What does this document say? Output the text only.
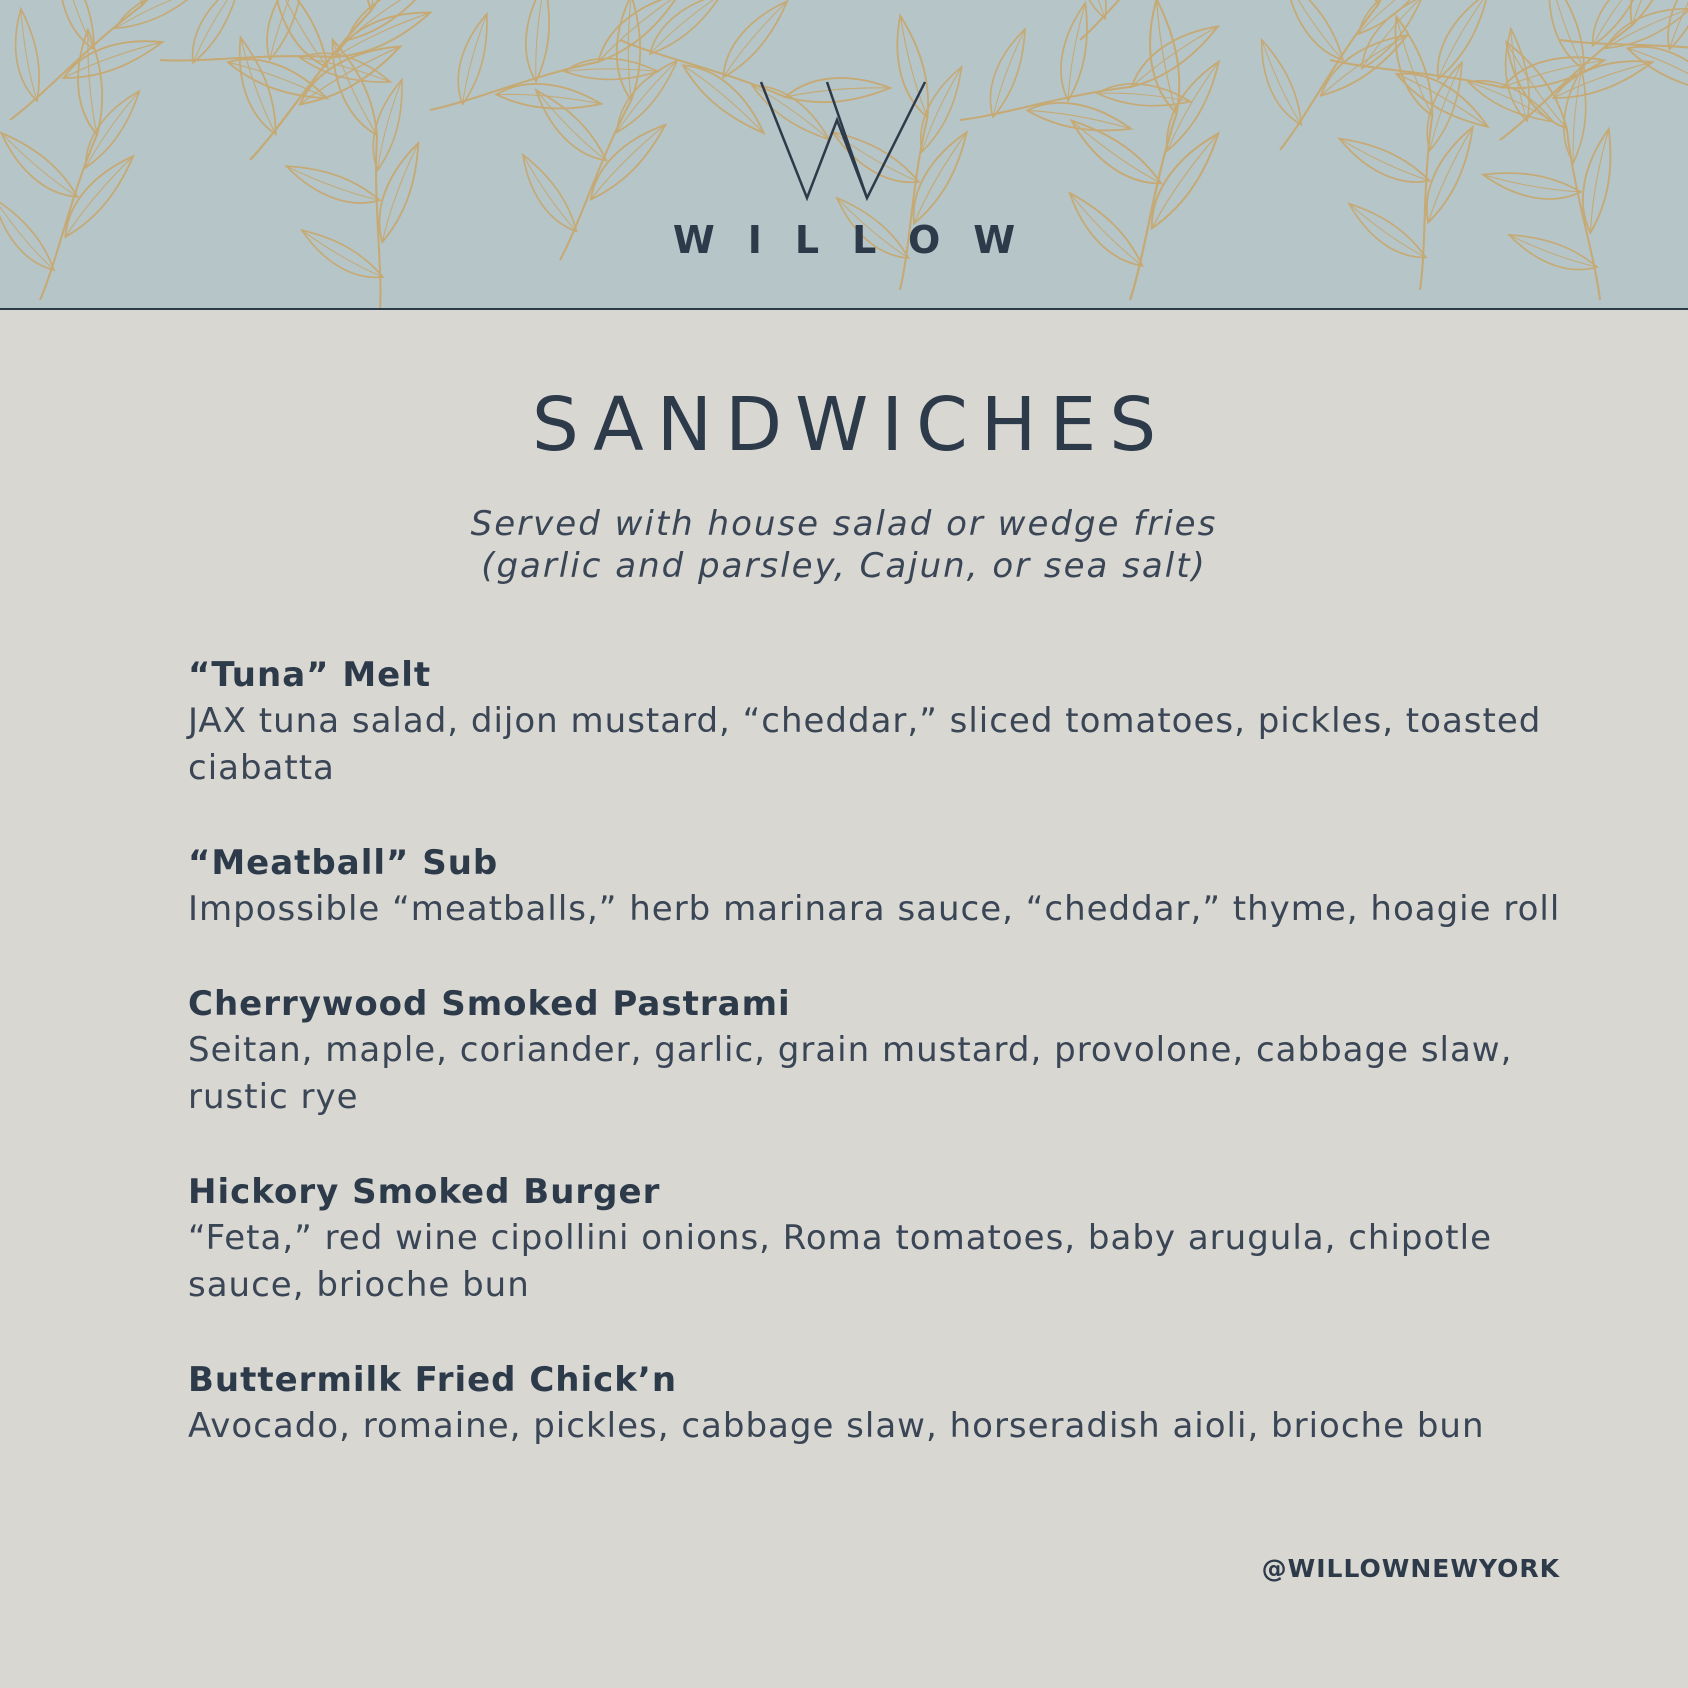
WILLOW
SANDWICHES
Served with house salad or wedge fries
(garlic and parsley, Cajun, or sea salt)
“Tuna” Melt
JAX tuna salad, dijon mustard, “cheddar,” sliced tomatoes, pickles, toasted ciabatta
“Meatball” Sub
Impossible “meatballs,” herb marinara sauce, “cheddar,” thyme, hoagie roll
Cherrywood Smoked Pastrami
Seitan, maple, coriander, garlic, grain mustard, provolone, cabbage slaw, rustic rye
Hickory Smoked Burger
“Feta,” red wine cipollini onions, Roma tomatoes, baby arugula, chipotle sauce, brioche bun
Buttermilk Fried Chick’n
Avocado, romaine, pickles, cabbage slaw, horseradish aioli, brioche bun
@WILLOWNEWYORK
